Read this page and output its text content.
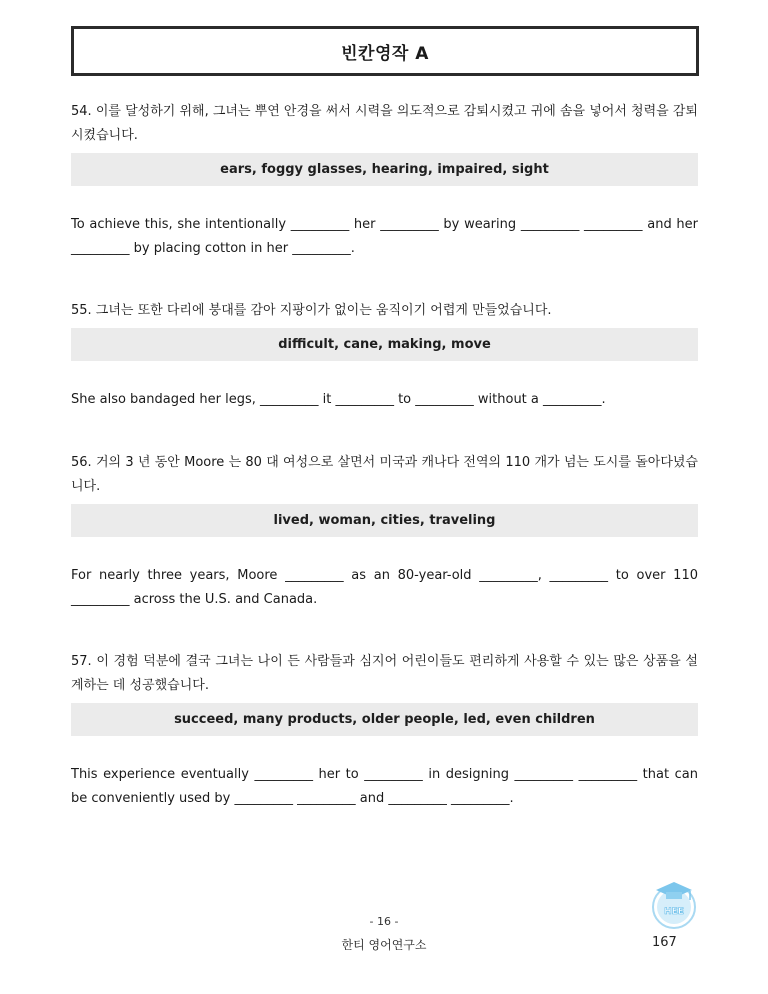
빈칸영작 A

54. 이를 달성하기 위해, 그녀는 뿌연 안경을 써서 시력을 의도적으로 감퇴시켰고 귀에 솜을 넣어서 청력을 감퇴시켰습니다.

ears, foggy glasses, hearing, impaired, sight

To achieve this, she intentionally _________ her _________ by wearing _________ _________ and her _________ by placing cotton in her _________.

55. 그녀는 또한 다리에 붕대를 감아 지팡이가 없이는 움직이기 어렵게 만들었습니다.

difficult, cane, making, move

She also bandaged her legs, _________ it _________ to _________ without a _________.

56. 거의 3 년 동안 Moore 는 80 대 여성으로 살면서 미국과 캐나다 전역의 110 개가 넘는 도시를 돌아다녔습니다.

lived, woman, cities, traveling

For nearly three years, Moore _________ as an 80-year-old _________, _________ to over 110 _________ across the U.S. and Canada.

57. 이 경험 덕분에 결국 그녀는 나이 든 사람들과 심지어 어린이들도 편리하게 사용할 수 있는 많은 상품을 설계하는 데 성공했습니다.

succeed, many products, older people, led, even children

This experience eventually _________ her to _________ in designing _________ _________ that can be conveniently used by _________ _________ and _________ _________.

- 16 -
한티 영어연구소	167
HEE
